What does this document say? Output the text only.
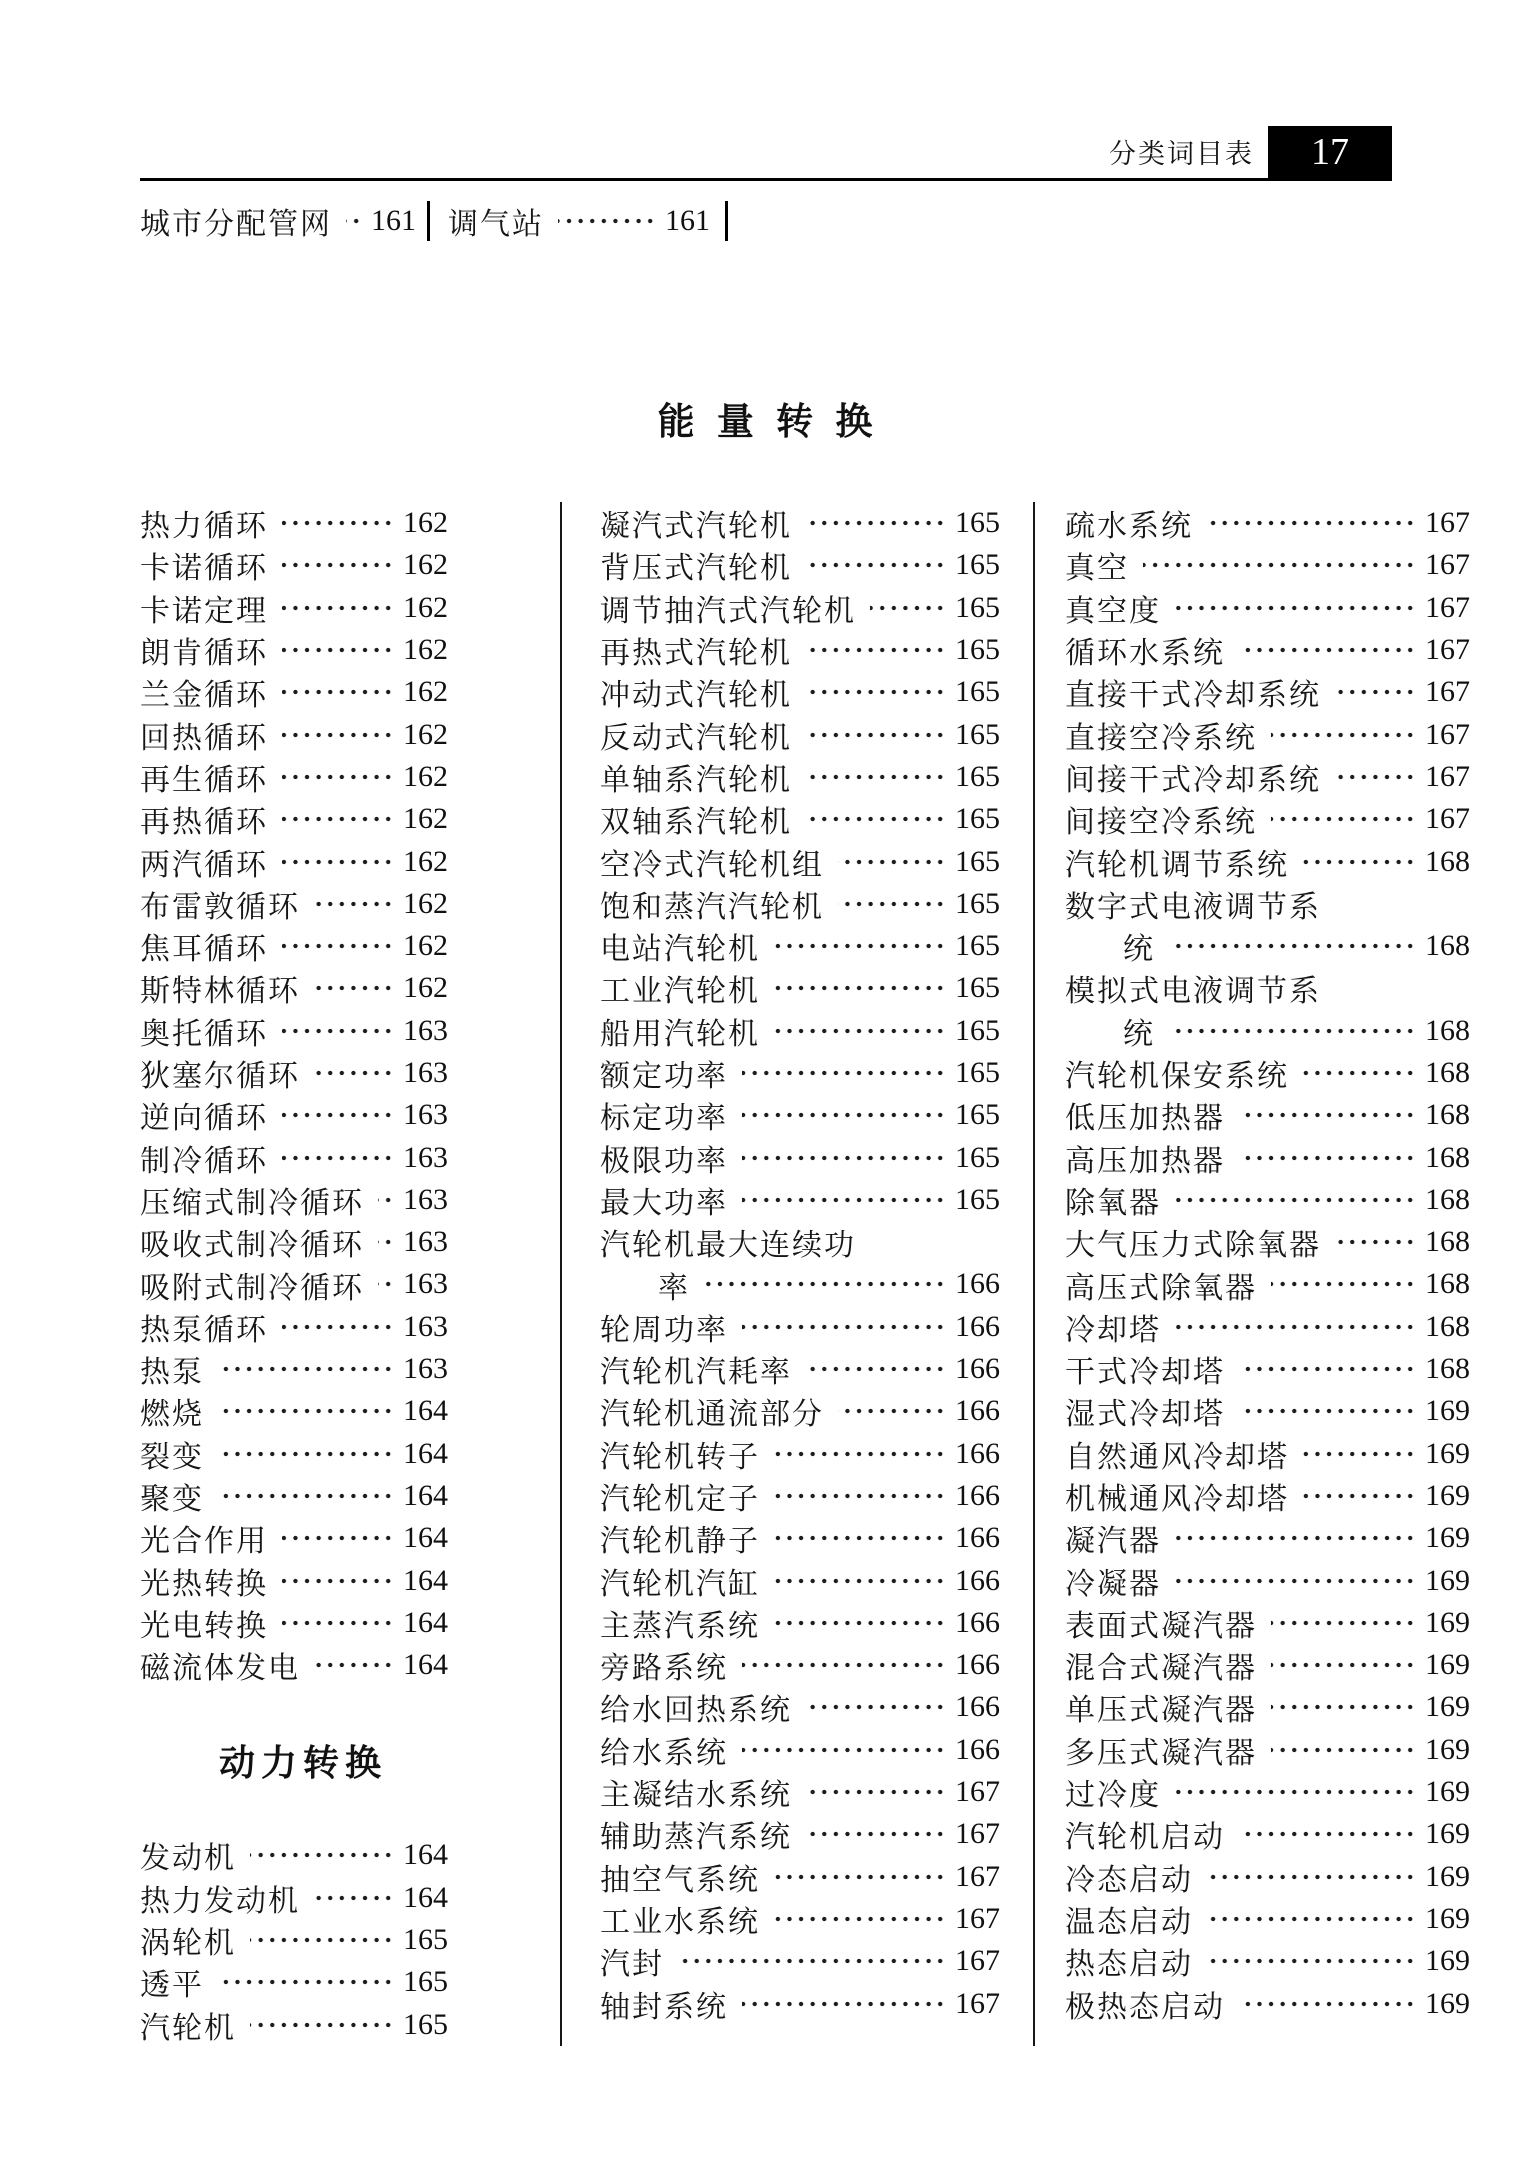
分类词目表 17
城市分配管网 161 调气站	161
能 量 转 换
热力循环	162
卡诺循环	162
卡诺定理	162
朗肯循环	162
兰金循环	162
回热循环	162
再生循环	162
再热循环	162
两汽循环	162
布雷敦循环	162
焦耳循环	162
斯特林循环	162
奥托循环	163
狄塞尔循环	163
逆向循环	163
制冷循环	163
压缩式制冷循环 163
吸收式制冷循环 163
吸附式制冷循环 163
热泵循环	163
热泵	163
燃烧	164
裂变	164
聚变	164
光合作用	164
光热转换	164
光电转换	164
磁流体发电	164
动力转换
发动机	164
热力发动机	164
涡轮机	165
透平	165
汽轮机	165
凝汽式汽轮机	165
背压式汽轮机	165
调节抽汽式汽轮机	165
再热式汽轮机	165
冲动式汽轮机	165
反动式汽轮机	165
单轴系汽轮机	165
双轴系汽轮机	165
空冷式汽轮机组	165
饱和蒸汽汽轮机	165
电站汽轮机	165
工业汽轮机	165
船用汽轮机	165
额定功率	165
标定功率	165
极限功率	165
最大功率	165
汽轮机最大连续功
率	166
轮周功率	166
汽轮机汽耗率	166
汽轮机通流部分	166
汽轮机转子	166
汽轮机定子	166
汽轮机静子	166
汽轮机汽缸	166
主蒸汽系统	166
旁路系统	166
给水回热系统	166
给水系统	166
主凝结水系统	167
辅助蒸汽系统	167
抽空气系统	167
工业水系统	167
汽封	167
轴封系统	167
疏水系统	167
真空	167
真空度	167
循环水系统	167
直接干式冷却系统	167
直接空冷系统	167
间接干式冷却系统	167
间接空冷系统	167
汽轮机调节系统	168
数字式电液调节系
统	168
模拟式电液调节系
统	168
汽轮机保安系统	168
低压加热器	168
高压加热器	168
除氧器	168
大气压力式除氧器	168
高压式除氧器	168
冷却塔	168
干式冷却塔	168
湿式冷却塔	169
自然通风冷却塔	169
机械通风冷却塔	169
凝汽器	169
冷凝器	169
表面式凝汽器	169
混合式凝汽器	169
单压式凝汽器	169
多压式凝汽器	169
过冷度	169
汽轮机启动	169
冷态启动	169
温态启动	169
热态启动	169
极热态启动	169
